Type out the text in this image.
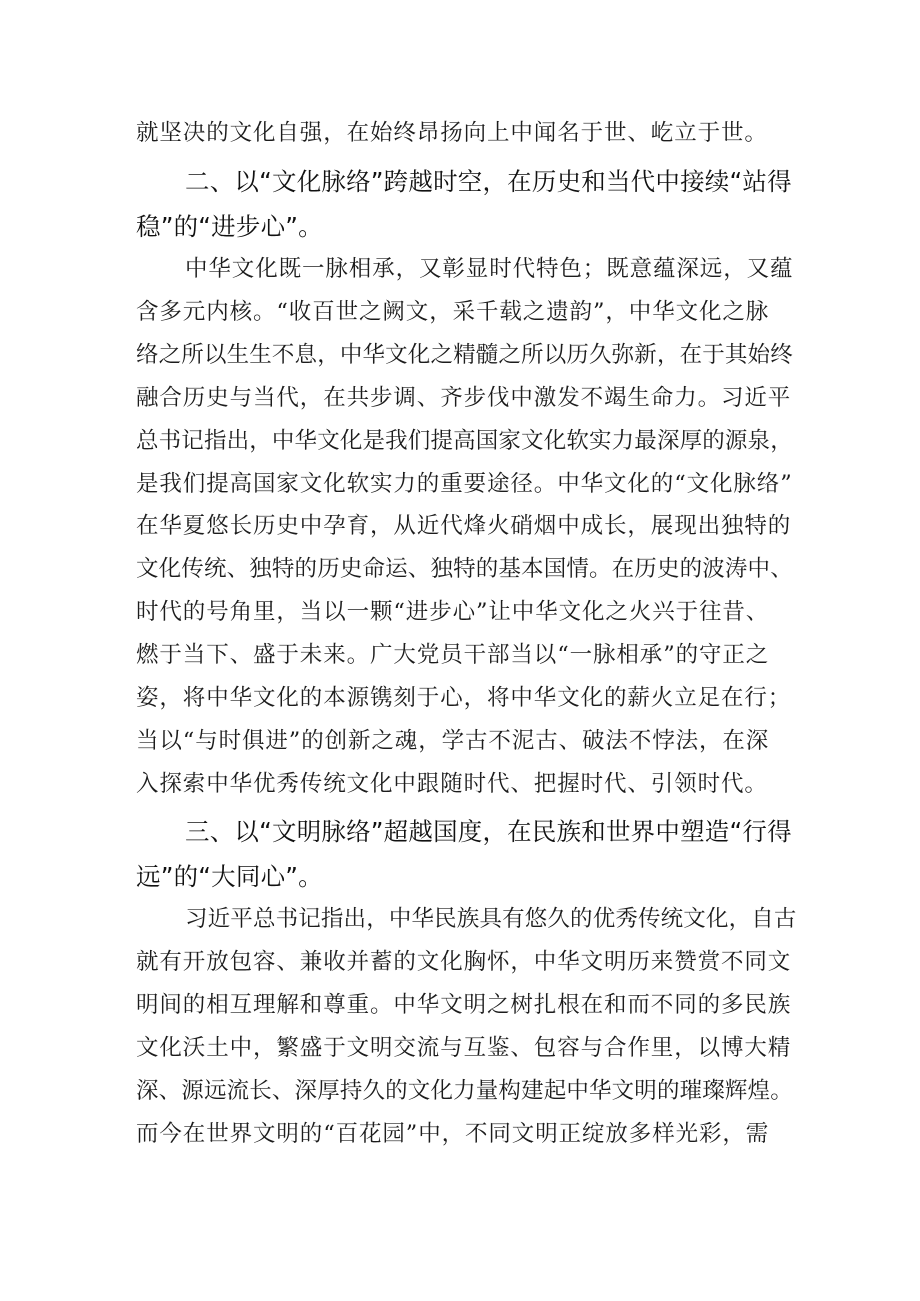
就坚决的文化自强，在始终昂扬向上中闻名于世、屹立于世。
二、以“文化脉络”跨越时空，在历史和当代中接续“站得
稳”的“进步心”。
中华文化既一脉相承，又彰显时代特色；既意蕴深远，又蕴
含多元内核。“收百世之阙文，采千载之遗韵”，中华文化之脉
络之所以生生不息，中华文化之精髓之所以历久弥新，在于其始终
融合历史与当代，在共步调、齐步伐中激发不竭生命力。习近平
总书记指出，中华文化是我们提高国家文化软实力最深厚的源泉，
是我们提高国家文化软实力的重要途径。中华文化的“文化脉络”
在华夏悠长历史中孕育，从近代烽火硝烟中成长，展现出独特的
文化传统、独特的历史命运、独特的基本国情。在历史的波涛中、
时代的号角里，当以一颗“进步心”让中华文化之火兴于往昔、
燃于当下、盛于未来。广大党员干部当以“一脉相承”的守正之
姿，将中华文化的本源镌刻于心，将中华文化的薪火立足在行；
当以“与时俱进”的创新之魂，学古不泥古、破法不悖法，在深
入探索中华优秀传统文化中跟随时代、把握时代、引领时代。
三、以“文明脉络”超越国度，在民族和世界中塑造“行得
远”的“大同心”。
习近平总书记指出，中华民族具有悠久的优秀传统文化，自古
就有开放包容、兼收并蓄的文化胸怀，中华文明历来赞赏不同文
明间的相互理解和尊重。中华文明之树扎根在和而不同的多民族
文化沃土中，繁盛于文明交流与互鉴、包容与合作里，以博大精
深、源远流长、深厚持久的文化力量构建起中华文明的璀璨辉煌。
而今在世界文明的“百花园”中，不同文明正绽放多样光彩，需
